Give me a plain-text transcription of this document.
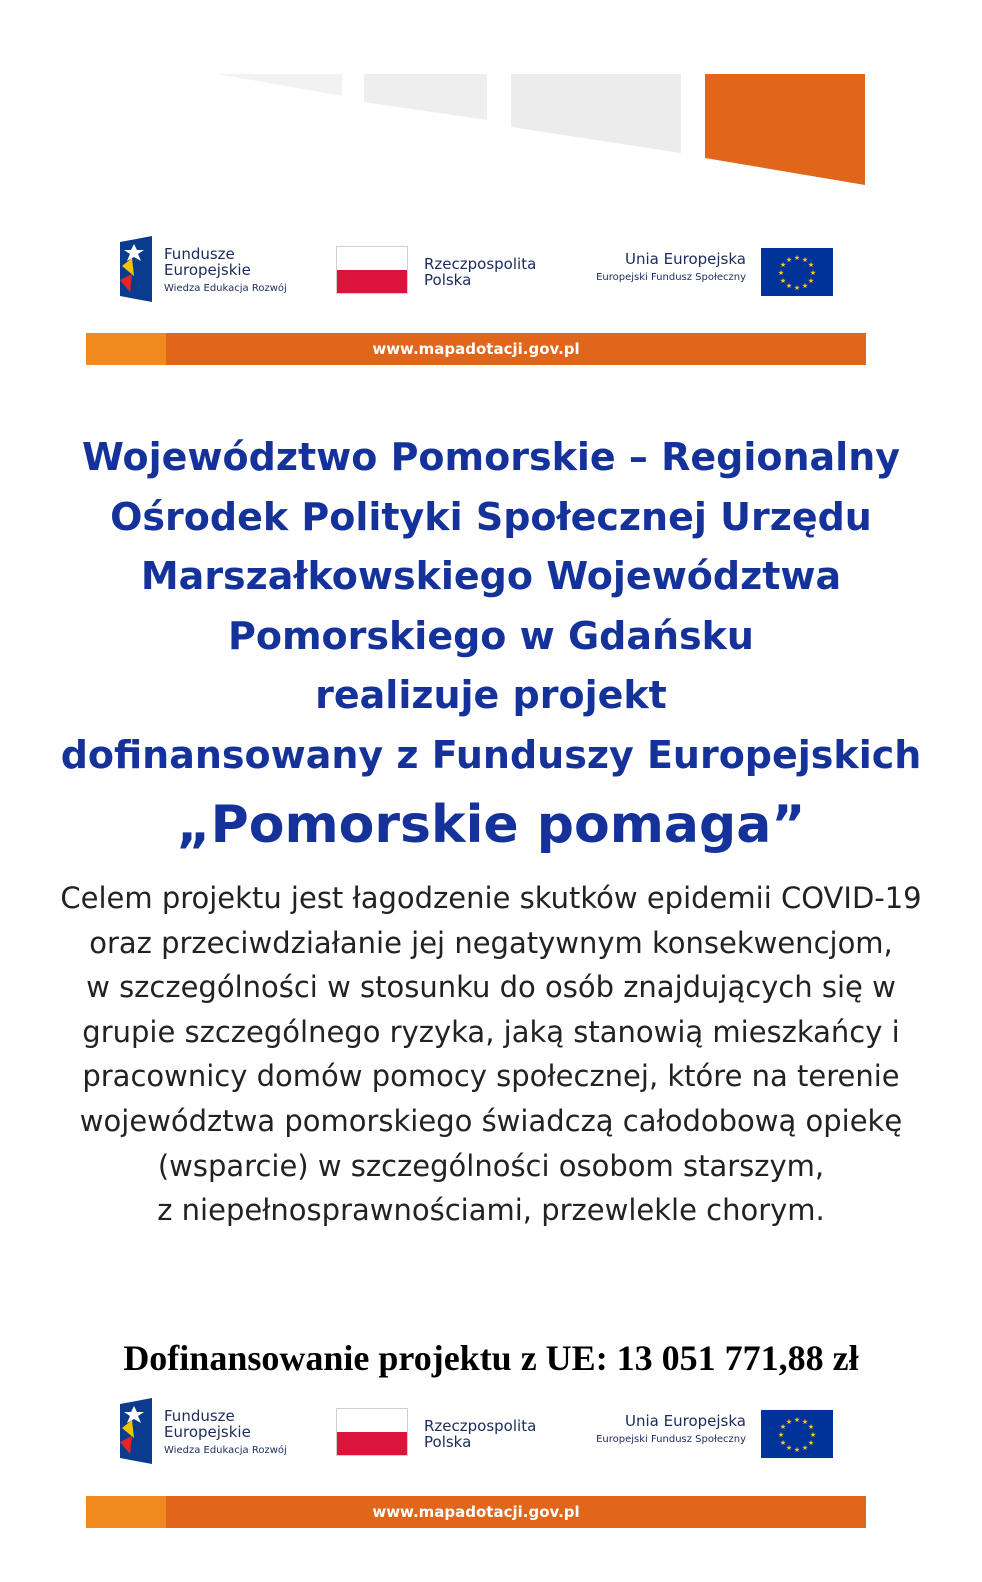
Fundusze
Europejskie
Wiedza Edukacja Rozwój
Rzeczpospolita
Polska
Unia Europejska
Europejski Fundusz Społeczny
★ ★
★
★
★
★
★
★
★
★
★
★
www.mapadotacji.gov.pl
Województwo Pomorskie – Regionalny
Ośrodek Polityki Społecznej Urzędu
Marszałkowskiego Województwa
Pomorskiego w Gdańsku
realizuje projekt
dofinansowany z Funduszy Europejskich
„Pomorskie pomaga”
Celem projektu jest łagodzenie skutków epidemii COVID-19
oraz przeciwdziałanie jej negatywnym konsekwencjom,
w szczególności w stosunku do osób znajdujących się w
grupie szczególnego ryzyka, jaką stanowią mieszkańcy i
pracownicy domów pomocy społecznej, które na terenie
województwa pomorskiego świadczą całodobową opiekę
(wsparcie) w szczególności osobom starszym,
z niepełnosprawnościami, przewlekle chorym.
Dofinansowanie projektu z UE: 13 051 771,88 zł
Fundusze
Europejskie
Wiedza Edukacja Rozwój
Rzeczpospolita
Polska
Unia Europejska
Europejski Fundusz Społeczny
★ ★
★
★
★
★
★
★
★
★
★
★
www.mapadotacji.gov.pl
